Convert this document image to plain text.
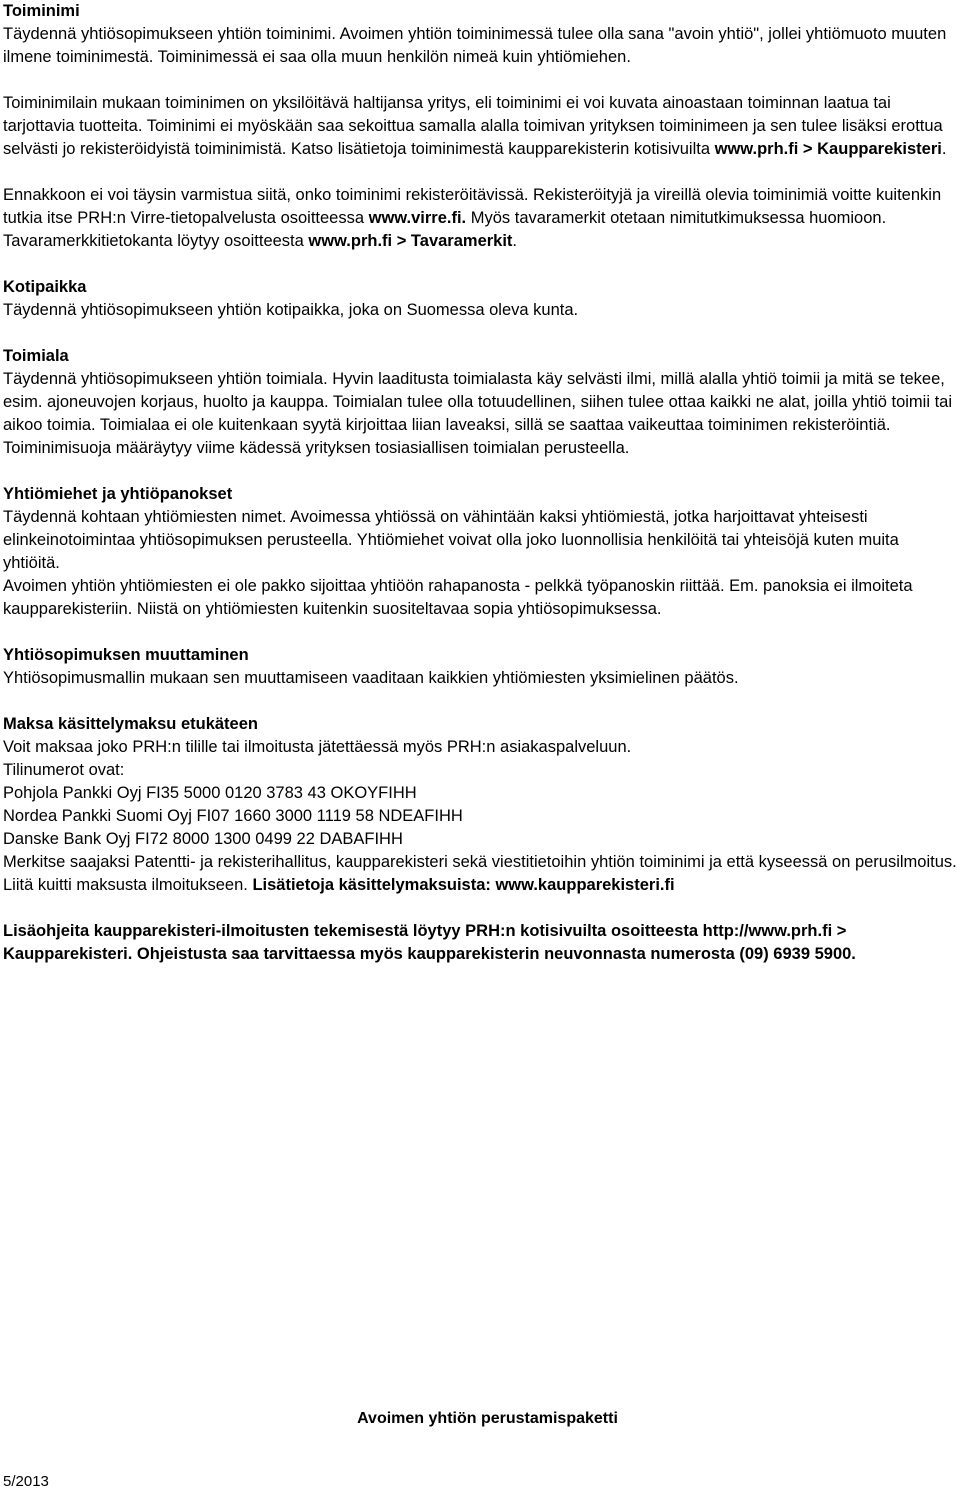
Toiminimi

Täydennä yhtiösopimukseen yhtiön toiminimi. Avoimen yhtiön toiminimessä tulee olla sana "avoin yhtiö", jollei yhtiömuoto muuten ilmene toiminimestä. Toiminimessä ei saa olla muun henkilön nimeä kuin yhtiömiehen.

Toiminimilain mukaan toiminimen on yksilöitävä haltijansa yritys, eli toiminimi ei voi kuvata ainoastaan toiminnan laatua tai tarjottavia tuotteita. Toiminimi ei myöskään saa sekoittua samalla alalla toimivan yrityksen toiminimeen ja sen tulee lisäksi erottua selvästi jo rekisteröidyistä toiminimistä. Katso lisätietoja toiminimestä kaupparekisterin kotisivuilta www.prh.fi > Kaupparekisteri.

Ennakkoon ei voi täysin varmistua siitä, onko toiminimi rekisteröitävissä. Rekisteröityjä ja vireillä olevia toiminimiä voitte kuitenkin tutkia itse PRH:n Virre-tietopalvelusta osoitteessa www.virre.fi. Myös tavaramerkit otetaan nimitutkimuksessa huomioon. Tavaramerkkitietokanta löytyy osoitteesta www.prh.fi > Tavaramerkit.

Kotipaikka

Täydennä yhtiösopimukseen yhtiön kotipaikka, joka on Suomessa oleva kunta.

Toimiala

Täydennä yhtiösopimukseen yhtiön toimiala. Hyvin laaditusta toimialasta käy selvästi ilmi, millä alalla yhtiö toimii ja mitä se tekee, esim. ajoneuvojen korjaus, huolto ja kauppa. Toimialan tulee olla totuudellinen, siihen tulee ottaa kaikki ne alat, joilla yhtiö toimii tai aikoo toimia. Toimialaa ei ole kuitenkaan syytä kirjoittaa liian laveaksi, sillä se saattaa vaikeuttaa toiminimen rekisteröintiä. Toiminimisuoja määräytyy viime kädessä yrityksen tosiasiallisen toimialan perusteella.

Yhtiömiehet ja yhtiöpanokset

Täydennä kohtaan yhtiömiesten nimet. Avoimessa yhtiössä on vähintään kaksi yhtiömiestä, jotka harjoittavat yhteisesti elinkeinotoimintaa yhtiösopimuksen perusteella. Yhtiömiehet voivat olla joko luonnollisia henkilöitä tai yhteisöjä kuten muita yhtiöitä.

Avoimen yhtiön yhtiömiesten ei ole pakko sijoittaa yhtiöön rahapanosta - pelkkä työpanoskin riittää. Em. panoksia ei ilmoiteta kaupparekisteriin. Niistä on yhtiömiesten kuitenkin suositeltavaa sopia yhtiösopimuksessa.

Yhtiösopimuksen muuttaminen

Yhtiösopimusmallin mukaan sen muuttamiseen vaaditaan kaikkien yhtiömiesten yksimielinen päätös.

Maksa käsittelymaksu etukäteen

Voit maksaa joko PRH:n tilille tai ilmoitusta jätettäessä myös PRH:n asiakaspalveluun.

Tilinumerot ovat:

Pohjola Pankki Oyj FI35 5000 0120 3783 43 OKOYFIHH

Nordea Pankki Suomi Oyj FI07 1660 3000 1119 58 NDEAFIHH

Danske Bank Oyj FI72 8000 1300 0499 22 DABAFIHH

Merkitse saajaksi Patentti- ja rekisterihallitus, kaupparekisteri sekä viestitietoihin yhtiön toiminimi ja että kyseessä on perusilmoitus. Liitä kuitti maksusta ilmoitukseen. Lisätietoja käsittelymaksuista: www.kaupparekisteri.fi

Lisäohjeita kaupparekisteri-ilmoitusten tekemisestä löytyy PRH:n kotisivuilta osoitteesta http://www.prh.fi > Kaupparekisteri. Ohjeistusta saa tarvittaessa myös kaupparekisterin neuvonnasta numerosta (09) 6939 5900.

Avoimen yhtiön perustamispaketti
5/2013
